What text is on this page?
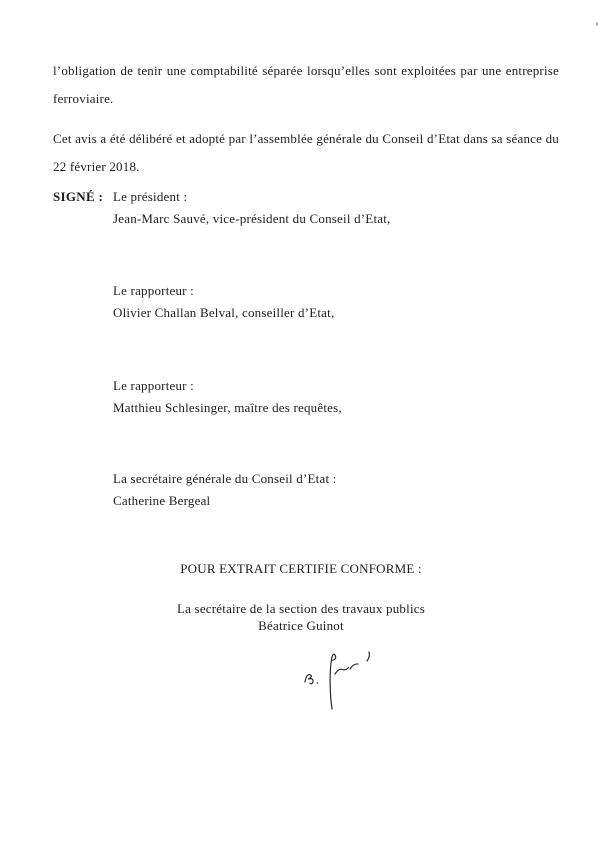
l’obligation de tenir une comptabilité séparée lorsqu’elles sont exploitées par une entreprise
ferroviaire.
Cet avis a été délibéré et adopté par l’assemblée générale du Conseil d’Etat dans sa séance du
22 février 2018.
SIGNÉ : Le président :
Jean-Marc Sauvé, vice-président du Conseil d’Etat,
Le rapporteur :
Olivier Challan Belval, conseiller d’Etat,
Le rapporteur :
Matthieu Schlesinger, maître des requêtes,
La secrétaire générale du Conseil d’Etat :
Catherine Bergeal
POUR EXTRAIT CERTIFIE CONFORME :
La secrétaire de la section des travaux publics
Béatrice Guinot
